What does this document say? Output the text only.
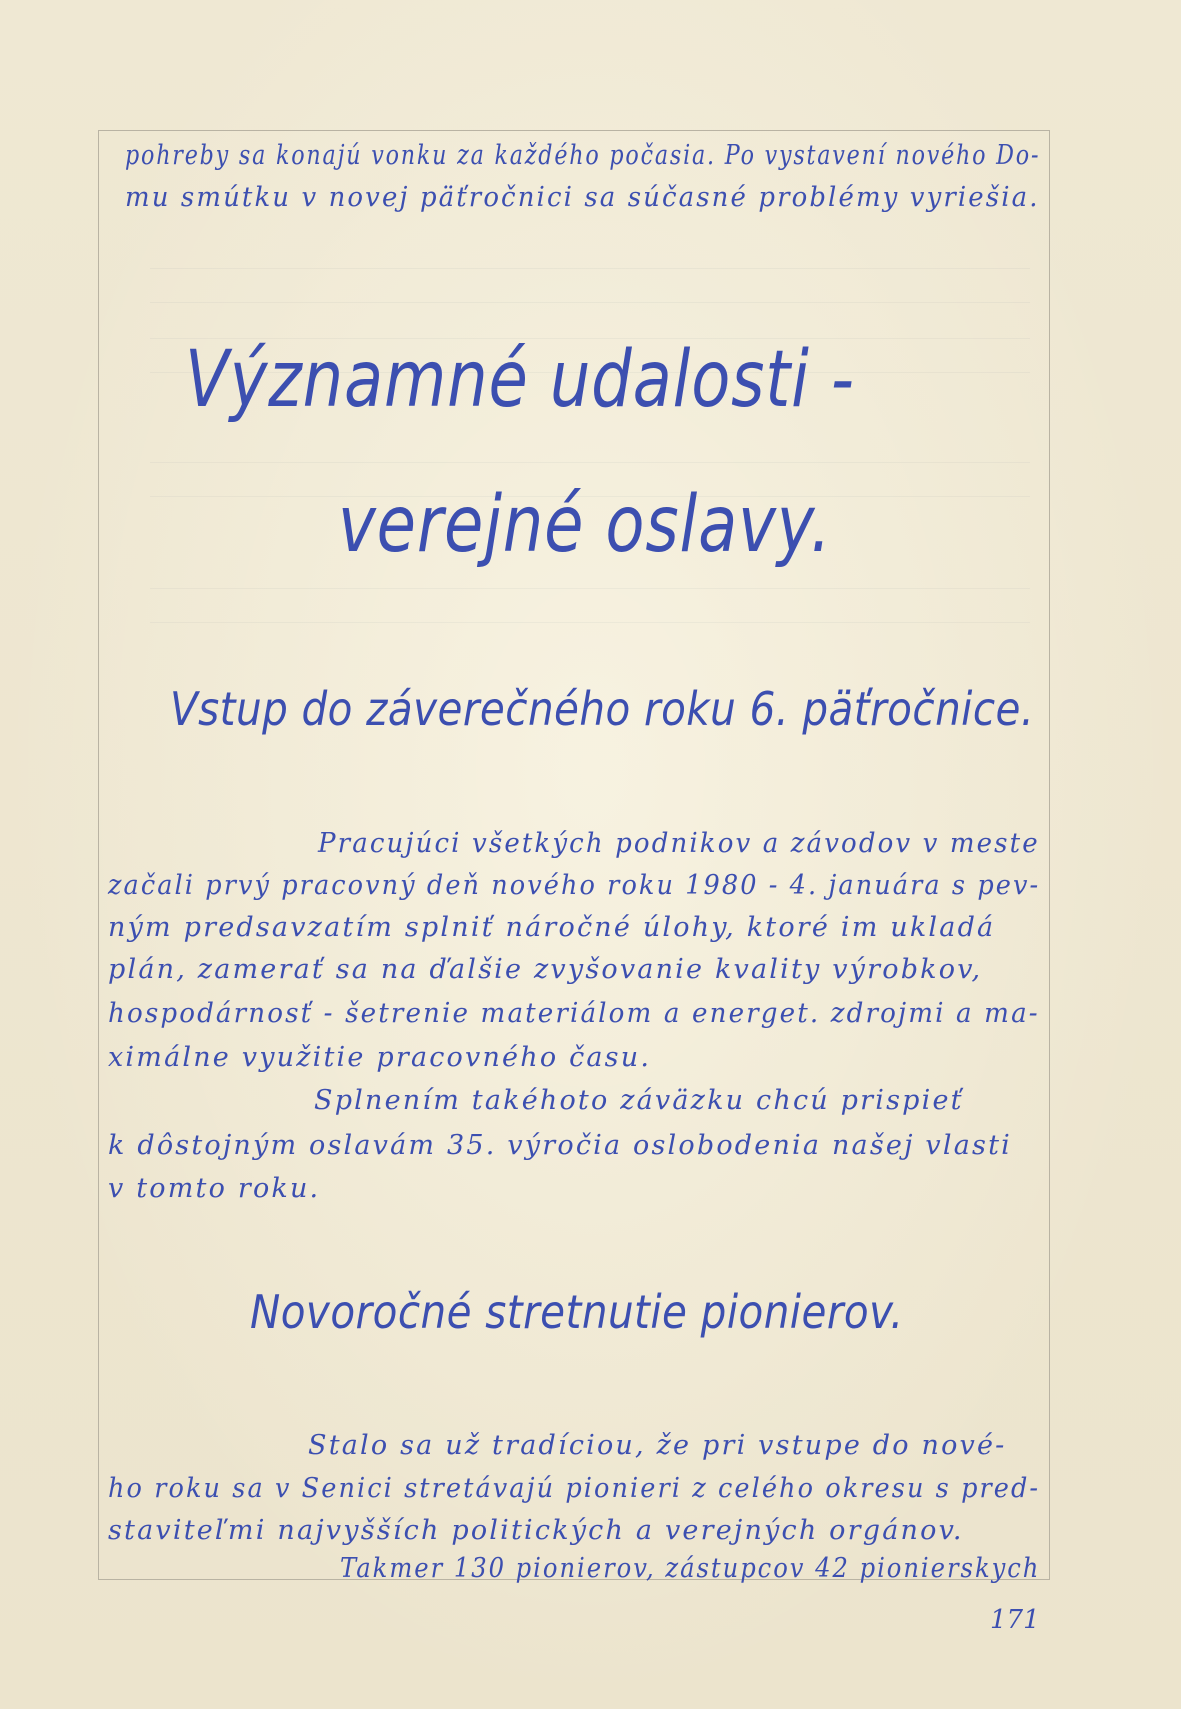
pohreby sa konajú vonku za každého počasia. Po vystavení nového Do-
mu smútku v novej päťročnici sa súčasné problémy vyriešia.
Významné udalosti -
verejné oslavy.
Vstup do záverečného roku 6. päťročnice.
Pracujúci všetkých podnikov a závodov v meste
začali prvý pracovný deň nového roku 1980 - 4. januára s pev-
ným predsavzatím splniť náročné úlohy, ktoré im ukladá
plán, zamerať sa na ďalšie zvyšovanie kvality výrobkov,
hospodárnosť - šetrenie materiálom a energet. zdrojmi a ma-
ximálne využitie pracovného času.
Splnením takéhoto záväzku chcú prispieť
k dôstojným oslavám 35. výročia oslobodenia našej vlasti
v tomto roku.
Novoročné stretnutie pionierov.
Stalo sa už tradíciou, že pri vstupe do nové-
ho roku sa v Senici stretávajú pionieri z celého okresu s pred-
staviteľmi najvyšších politických a verejných orgánov.
Takmer 130 pionierov, zástupcov 42 pionierskych
171
